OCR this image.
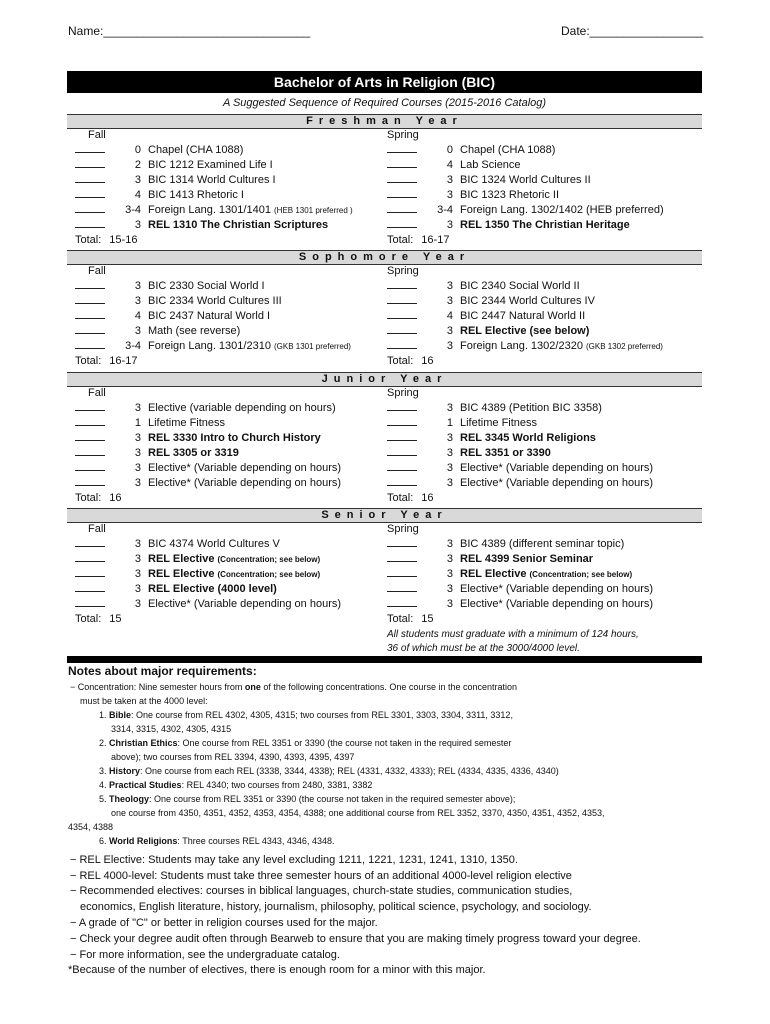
Name:_______________________________	Date:_________________
Bachelor of Arts in Religion (BIC)
A Suggested Sequence of Required Courses (2015-2016 Catalog)
Freshman Year
Fall
0 Chapel (CHA 1088)
2 BIC 1212 Examined Life I
3 BIC 1314 World Cultures I
4 BIC 1413 Rhetoric I
3-4 Foreign Lang. 1301/1401 (HEB 1301 preferred )
3 REL 1310 The Christian Scriptures
Total: 15-16
Spring
0 Chapel (CHA 1088)
4 Lab Science
3 BIC 1324 World Cultures II
3 BIC 1323 Rhetoric II
3-4 Foreign Lang. 1302/1402 (HEB preferred)
3 REL 1350 The Christian Heritage
Total: 16-17
Sophomore Year
Fall
3 BIC 2330 Social World I
3 BIC 2334 World Cultures III
4 BIC 2437 Natural World I
3 Math (see reverse)
3-4 Foreign Lang. 1301/2310 (GKB 1301 preferred)
Total: 16-17
Spring
3 BIC 2340 Social World II
3 BIC 2344 World Cultures IV
4 BIC 2447 Natural World II
3 REL Elective (see below)
3 Foreign Lang. 1302/2320 (GKB 1302 preferred)
Total: 16
Junior Year
Fall
3 Elective (variable depending on hours)
1 Lifetime Fitness
3 REL 3330 Intro to Church History
3 REL 3305 or 3319
3 Elective* (Variable depending on hours)
3 Elective* (Variable depending on hours)
Total: 16
Spring
3 BIC 4389 (Petition BIC 3358)
1 Lifetime Fitness
3 REL 3345 World Religions
3 REL 3351 or 3390
3 Elective* (Variable depending on hours)
3 Elective* (Variable depending on hours)
Total: 16
Senior Year
Fall
3 BIC 4374 World Cultures V
3 REL Elective (Concentration; see below)
3 REL Elective (Concentration; see below)
3 REL Elective (4000 level)
3 Elective* (Variable depending on hours)
Total: 15
Spring
3 BIC 4389 (different seminar topic)
3 REL 4399 Senior Seminar
3 REL Elective (Concentration; see below)
3 Elective* (Variable depending on hours)
3 Elective* (Variable depending on hours)
Total: 15
All students must graduate with a minimum of 124 hours,
36 of which must be at the 3000/4000 level.
Notes about major requirements:
− Concentration: Nine semester hours from one of the following concentrations. One course in the concentration
must be taken at the 4000 level:
1. Bible: One course from REL 4302, 4305, 4315; two courses from REL 3301, 3303, 3304, 3311, 3312,
3314, 3315, 4302, 4305, 4315
2. Christian Ethics: One course from REL 3351 or 3390 (the course not taken in the required semester
above); two courses from REL 3394, 4390, 4393, 4395, 4397
3. History: One course from each REL (3338, 3344, 4338); REL (4331, 4332, 4333); REL (4334, 4335, 4336, 4340)
4. Practical Studies: REL 4340; two courses from 2480, 3381, 3382
5. Theology: One course from REL 3351 or 3390 (the course not taken in the required semester above);
one course from 4350, 4351, 4352, 4353, 4354, 4388; one additional course from REL 3352, 3370, 4350, 4351, 4352, 4353,
4354, 4388
6. World Religions: Three courses REL 4343, 4346, 4348.
− REL Elective: Students may take any level excluding 1211, 1221, 1231, 1241, 1310, 1350.
− REL 4000-level: Students must take three semester hours of an additional 4000-level religion elective
− Recommended electives: courses in biblical languages, church-state studies, communication studies,
economics, English literature, history, journalism, philosophy, political science, psychology, and sociology.
− A grade of "C" or better in religion courses used for the major.
− Check your degree audit often through Bearweb to ensure that you are making timely progress toward your degree.
− For more information, see the undergraduate catalog.
*Because of the number of electives, there is enough room for a minor with this major.
